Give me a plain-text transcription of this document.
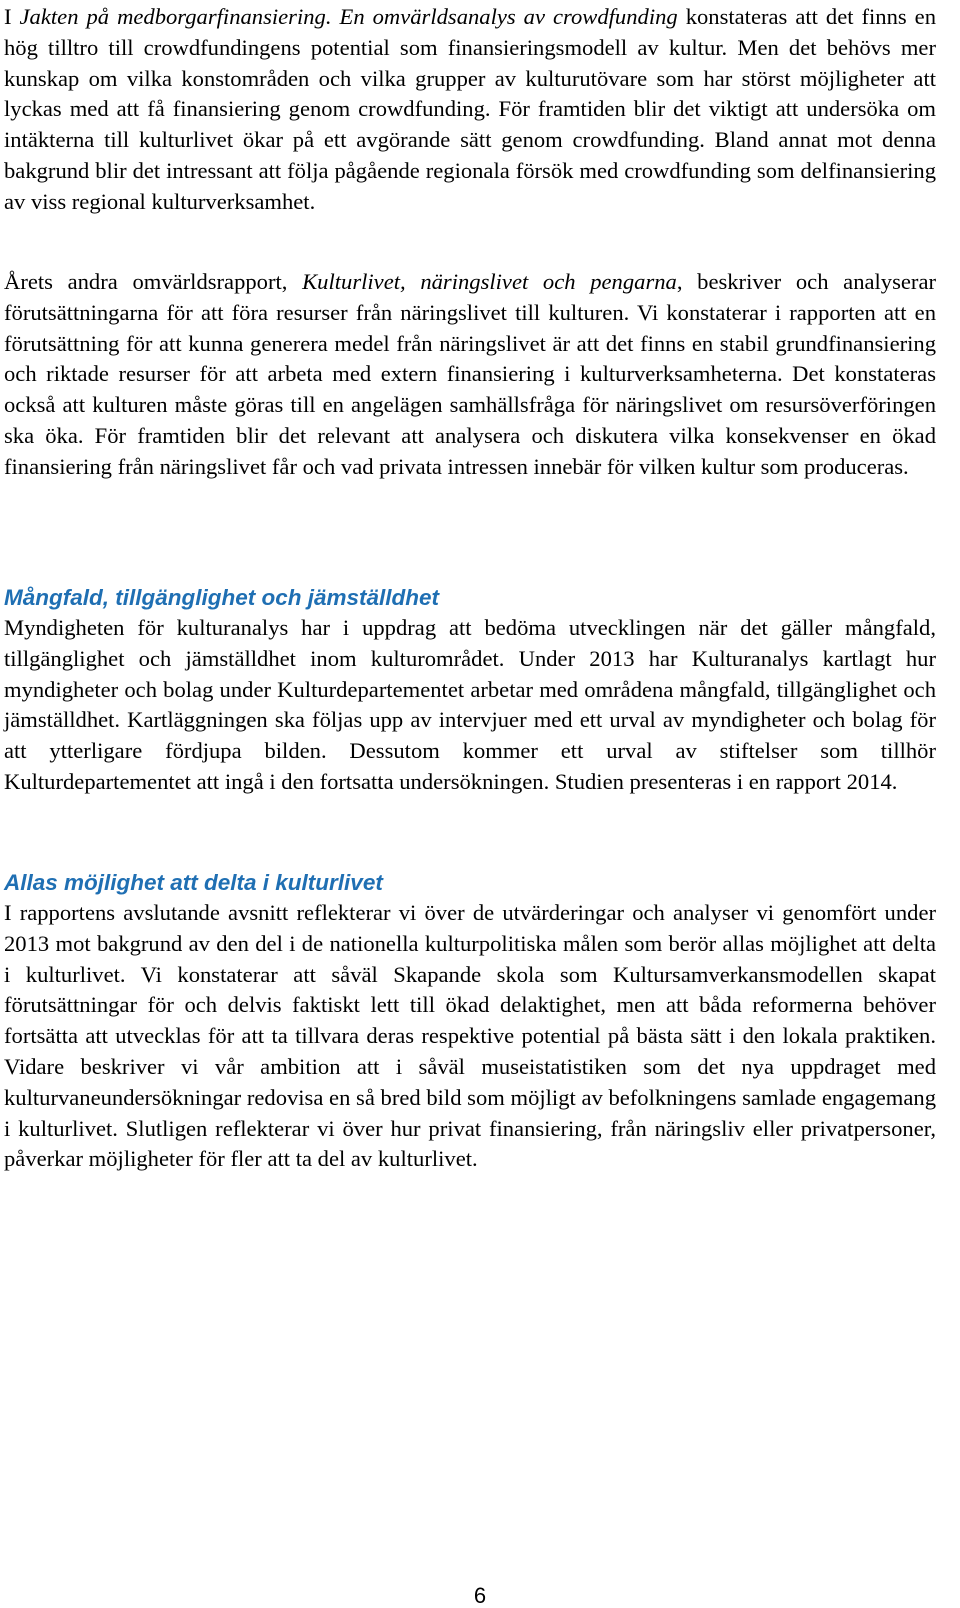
I Jakten på medborgarfinansiering. En omvärldsanalys av crowdfunding konstateras att det finns en hög tilltro till crowdfundingens potential som finansieringsmodell av kultur. Men det behövs mer kunskap om vilka konstområden och vilka grupper av kulturutövare som har störst möjligheter att lyckas med att få finansiering genom crowdfunding. För framtiden blir det viktigt att undersöka om intäkterna till kulturlivet ökar på ett avgörande sätt genom crowdfunding. Bland annat mot denna bakgrund blir det intressant att följa pågående regionala försök med crowdfunding som delfinansiering av viss regional kulturverksamhet.

Årets andra omvärldsrapport, Kulturlivet, näringslivet och pengarna, beskriver och analyserar förutsättningarna för att föra resurser från näringslivet till kulturen. Vi konstaterar i rapporten att en förutsättning för att kunna generera medel från näringslivet är att det finns en stabil grundfinansiering och riktade resurser för att arbeta med extern finansiering i kulturverksamheterna. Det konstateras också att kulturen måste göras till en angelägen samhällsfråga för näringslivet om resursöverföringen ska öka. För framtiden blir det relevant att analysera och diskutera vilka konsekvenser en ökad finansiering från näringslivet får och vad privata intressen innebär för vilken kultur som produceras.

Mångfald, tillgänglighet och jämställdhet

Myndigheten för kulturanalys har i uppdrag att bedöma utvecklingen när det gäller mångfald, tillgänglighet och jämställdhet inom kulturområdet. Under 2013 har Kulturanalys kartlagt hur myndigheter och bolag under Kulturdepartementet arbetar med områdena mångfald, tillgänglighet och jämställdhet. Kartläggningen ska följas upp av intervjuer med ett urval av myndigheter och bolag för att ytterligare fördjupa bilden. Dessutom kommer ett urval av stiftelser som tillhör Kulturdepartementet att ingå i den fortsatta undersökningen. Studien presenteras i en rapport 2014.

Allas möjlighet att delta i kulturlivet

I rapportens avslutande avsnitt reflekterar vi över de utvärderingar och analyser vi genomfört under 2013 mot bakgrund av den del i de nationella kulturpolitiska målen som berör allas möjlighet att delta i kulturlivet. Vi konstaterar att såväl Skapande skola som Kultursamverkansmodellen skapat förutsättningar för och delvis faktiskt lett till ökad delaktighet, men att båda reformerna behöver fortsätta att utvecklas för att ta tillvara deras respektive potential på bästa sätt i den lokala praktiken. Vidare beskriver vi vår ambition att i såväl museistatistiken som det nya uppdraget med kulturvaneundersökningar redovisa en så bred bild som möjligt av befolkningens samlade engagemang i kulturlivet. Slutligen reflekterar vi över hur privat finansiering, från näringsliv eller privatpersoner, påverkar möjligheter för fler att ta del av kulturlivet.

6
